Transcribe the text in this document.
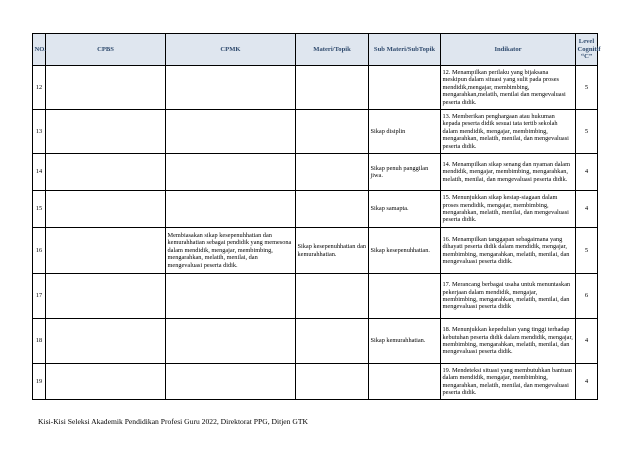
NO.	CPBS	CPMK	Materi/Topik	Sub Materi/SubTopik	Indikator	Level
Cognitif
“C”
12					12. Menampilkan perilaku yang bijaksana meskipun dalam situasi yang sulit pada proses mendidik,mengajar, membimbing, mengarahkan,melatih, menilai dan mengevaluasi peserta didik.	5
13				Sikap disiplin	13. Memberikan penghargaan atau hukuman kepada peserta didik sesuai tata tertib sekolah dalam mendidik, mengajar, membimbing, mengarahkan, melatih, menilai, dan mengevaluasi peserta didik.	5
14				Sikap penuh panggilan jiwa.	14. Menampilkan sikap senang dan nyaman dalam mendidik, mengajar, membimbing, mengarahkan, melatih, menilai, dan mengevaluasi peserta didik.	4
15				Sikap samapta.	15. Menunjukkan sikap kesiap-siagaan dalam proses mendidik, mengajar, membimbing, mengarahkan, melatih, menilai, dan mengevaluasi peserta didik.	4
16		Membiasakan sikap kesepenuhhatian dan kemurahhatian sebagai pendidik yang memesona dalam mendidik, mengajar, membimbing, mengarahkan, melatih, menilai, dan mengevaluasi peserta didik.	Sikap kesepenuhhatian dan kemurahhatian.	Sikap kesepenuhhatian.	16. Menampilkan tanggapan sebagaimana yang dihayati peserta didik dalam mendidik, mengajar, membimbing, mengarahkan, melatih, menilai, dan mengevaluasi peserta didik.	5
17					17. Merancang berbagai usaha untuk menuntaskan pekerjaan dalam mendidik, mengajar, membimbing, mengarahkan, melatih, menilai, dan mengevaluasi peserta didik	6
18				Sikap kemurahhatian.	18. Menunjukkan kepedulian yang tinggi terhadap kebutuhan peserta didik dalam mendidik, mengajar, membimbing, mengarahkan, melatih, menilai, dan mengevaluasi peserta didik.	4
19					19. Mendeteksi situasi yang membutuhkan bantuan dalam mendidik, mengajar, membimbing, mengarahkan, melatih, menilai, dan mengevaluasi peserta didik.	4
Kisi-Kisi Seleksi Akademik Pendidikan Profesi Guru 2022, Direktorat PPG, Ditjen GTK
